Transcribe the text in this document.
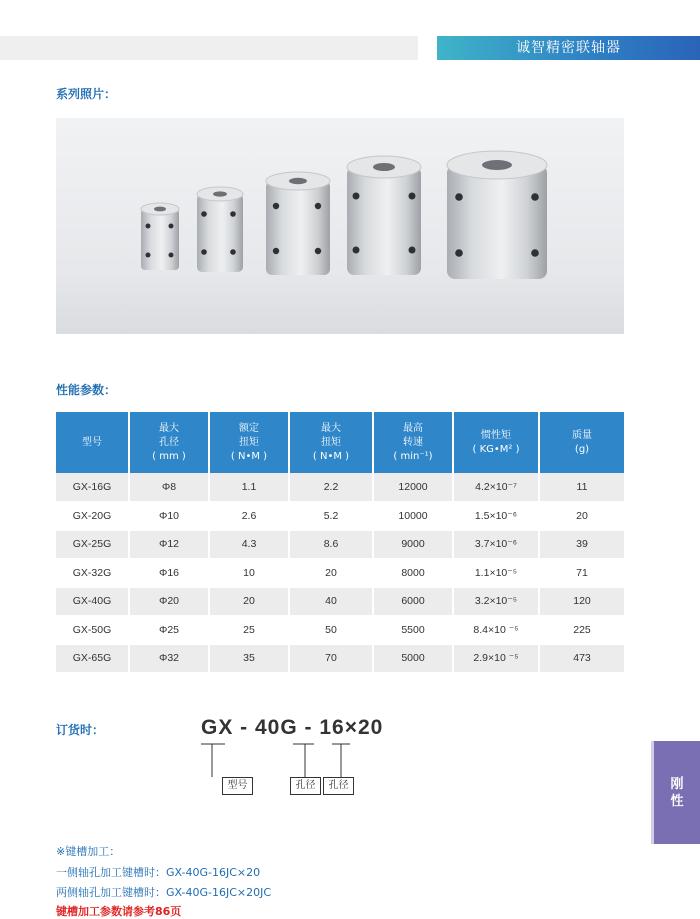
诚智精密联轴器
系列照片：
性能参数：
型号	最大
孔径
( mm )	额定
扭矩
( N•M )	最大
扭矩
( N•M )	最高
转速
( min⁻¹)	惯性矩
( KG•M² )	质量
(g)

GX-16G	Φ8	1.1	2.2	12000	4.2×10⁻⁷	11
GX-20G	Φ10	2.6	5.2	10000	1.5×10⁻⁶	20
GX-25G	Φ12	4.3	8.6	9000	3.7×10⁻⁶	39
GX-32G	Φ16	10	20	8000	1.1×10⁻⁵	71
GX-40G	Φ20	20	40	6000	3.2×10⁻⁵	120
GX-50G	Φ25	25	50	5500	8.4×10 ⁻⁵	225
GX-65G	Φ32	35	70	5000	2.9×10 ⁻⁵	473
订货时：	GX - 40G - 16×20
型号	孔径	孔径
※键槽加工：
一侧轴孔加工键槽时：GX-40G-16JC×20
两侧轴孔加工键槽时：GX-40G-16JC×20JC
键槽加工参数请参考86页
刚
性
